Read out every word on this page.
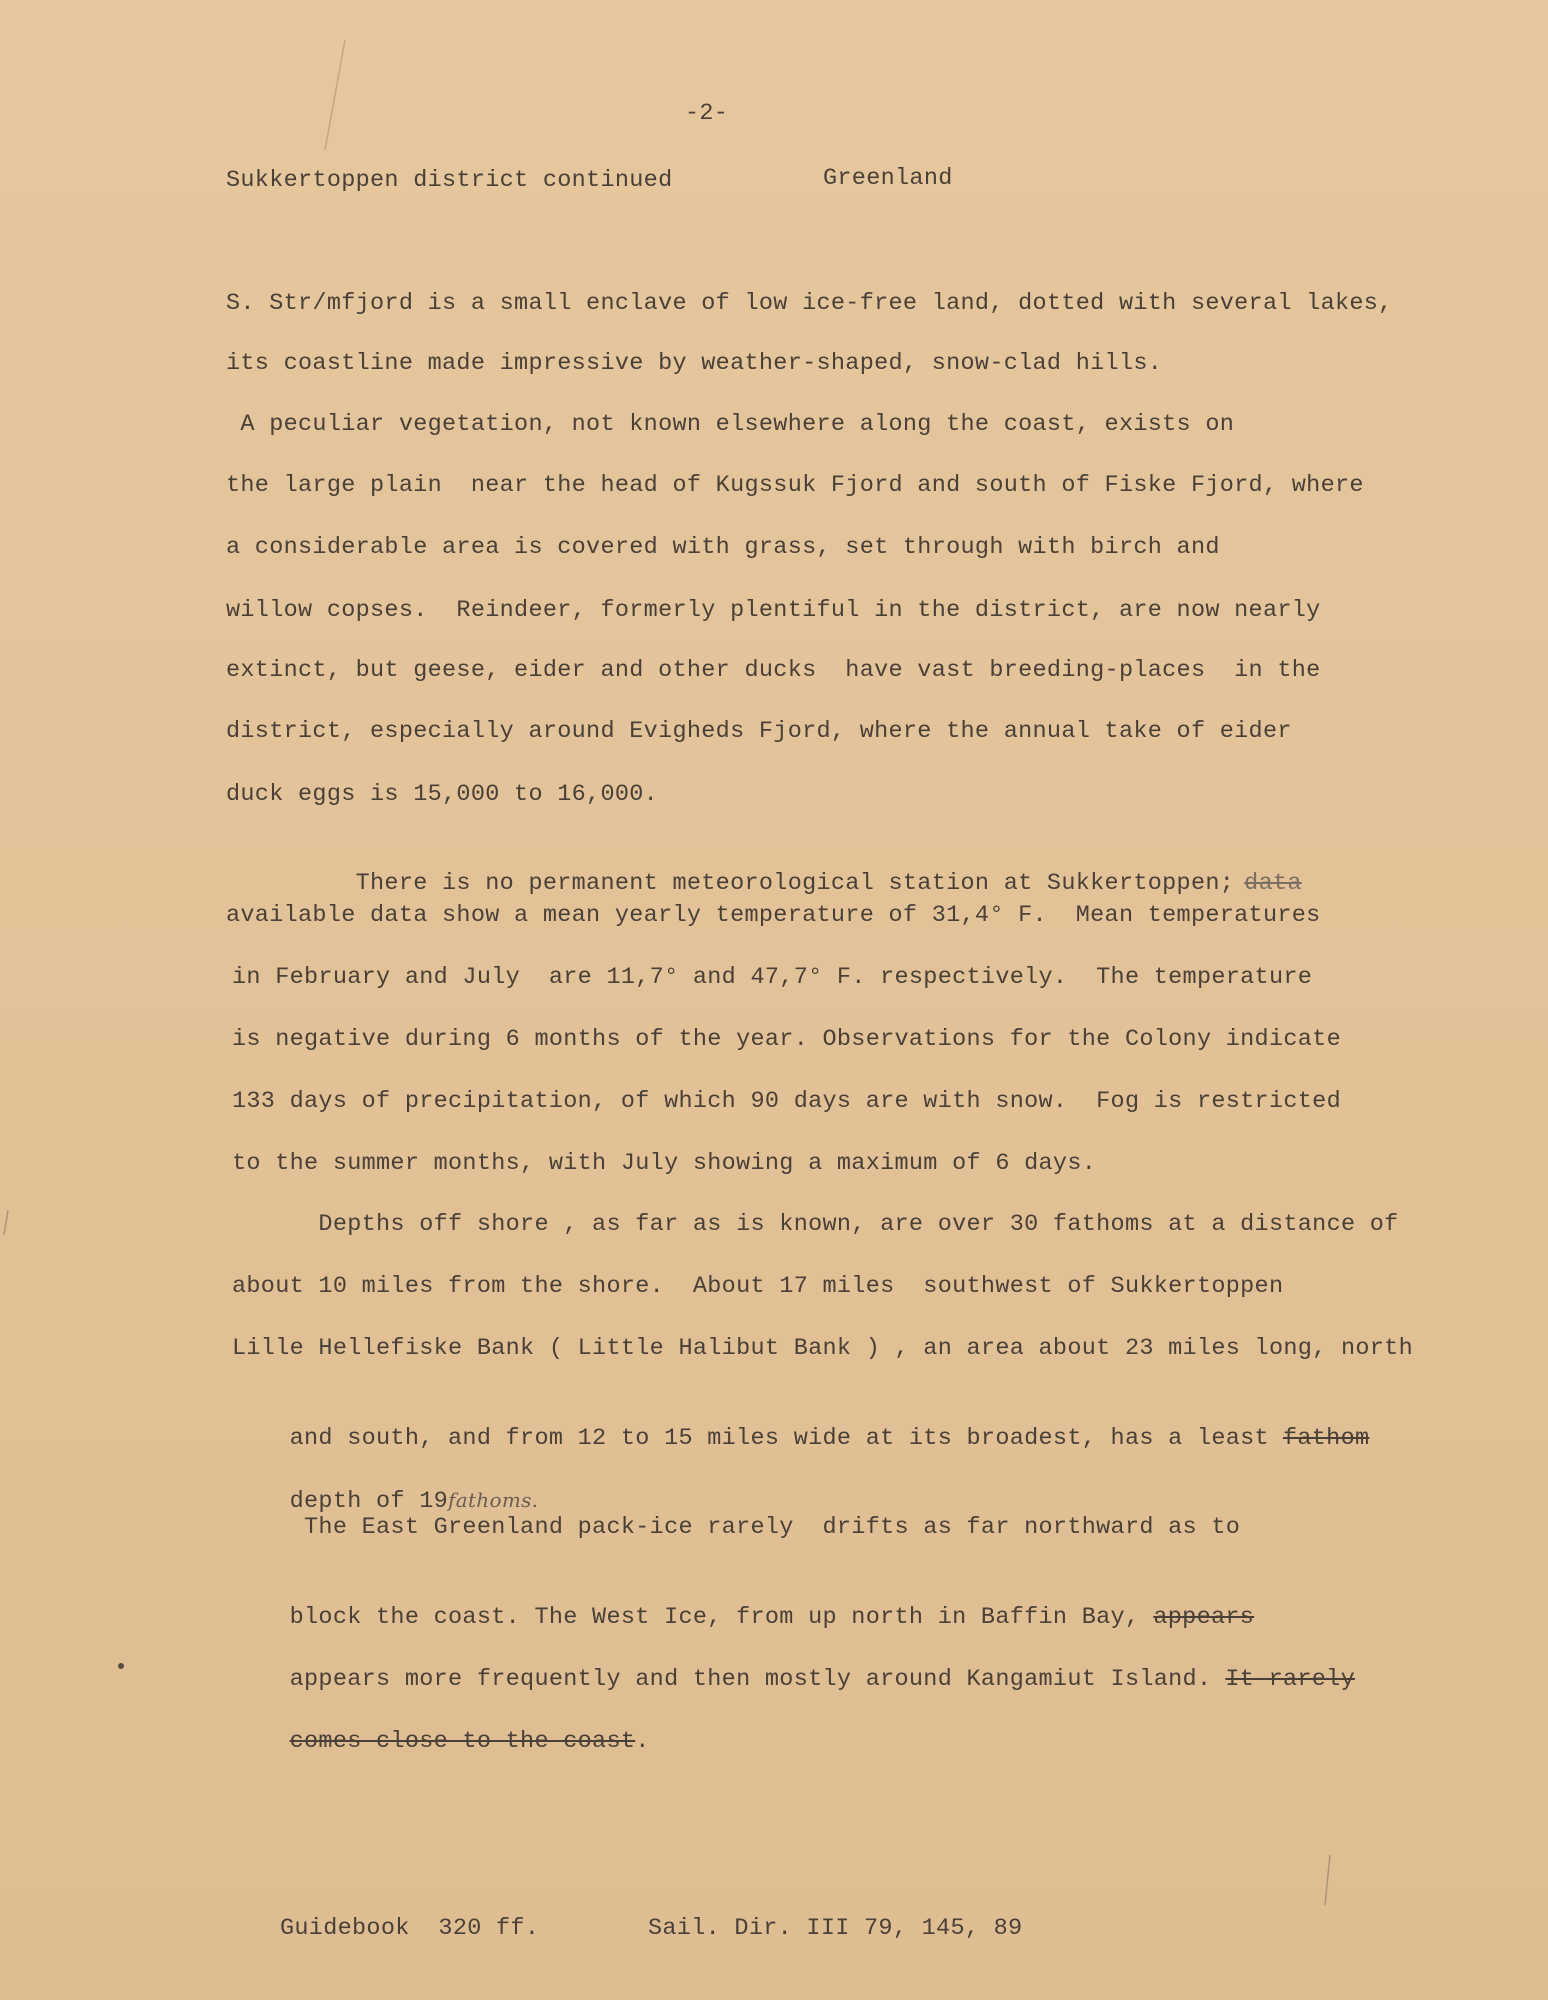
-2-
Sukkertoppen district continued	Greenland
S. Str/mfjord is a small enclave of low ice-free land, dotted with several lakes,
its coastline made impressive by weather-shaped, snow-clad hills.
A peculiar vegetation, not known elsewhere along the coast, exists on
the large plain  near the head of Kugssuk Fjord and south of Fiske Fjord, where
a considerable area is covered with grass, set through with birch and
willow copses.  Reindeer, formerly plentiful in the district, are now nearly
extinct, but geese, eider and other ducks  have vast breeding-places  in the
district, especially around Evigheds Fjord, where the annual take of eider
duck eggs is 15,000 to 16,000.

There is no permanent meteorological station at Sukkertoppen; data

available data show a mean yearly temperature of 31,4° F.  Mean temperatures
in February and July  are 11,7° and 47,7° F. respectively.  The temperature
is negative during 6 months of the year. Observations for the Colony indicate
133 days of precipitation, of which 90 days are with snow.  Fog is restricted
to the summer months, with July showing a maximum of 6 days.
Depths off shore , as far as is known, are over 30 fathoms at a distance of
about 10 miles from the shore.  About 17 miles  southwest of Sukkertoppen
Lille Hellefiske Bank ( Little Halibut Bank ) , an area about 23 miles long, north

and south, and from 12 to 15 miles wide at its broadest, has a least fathom

depth of 19fathoms.

The East Greenland pack-ice rarely  drifts as far northward as to

block the coast. The West Ice, from up north in Baffin Bay, appears

appears more frequently and then mostly around Kangamiut Island. It rarely

comes close to the coast.

Guidebook  320 ff.	Sail. Dir. III 79, 145, 89
